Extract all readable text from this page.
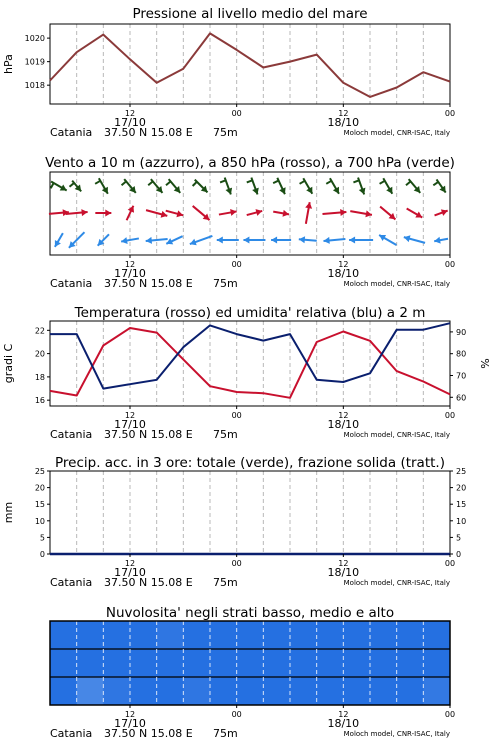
Pressione al livello medio del mare
1018
1019
1020
hPa
12	00	12	00
17/10	18/10
Catania 37.50 N 15.08 E 75m	Moloch model, CNR-ISAC, Italy
Vento a 10 m (azzurro), a 850 hPa (rosso), a 700 hPa (verde)
12	00	12	00
17/10	18/10
Catania 37.50 N 15.08 E 75m	Moloch model, CNR-ISAC, Italy
Temperatura (rosso) ed umidita' relativa (blu) a 2 m
16
18
20
22
60
70
80
90
gradi C	%
12	00	12	00
17/10	18/10
Catania 37.50 N 15.08 E 75m	Moloch model, CNR-ISAC, Italy
Precip. acc. in 3 ore: totale (verde), frazione solida (tratt.)
0
5
10
15
20
25
0
5
10
15
20
25
mm
12	00	12	00
17/10	18/10
Catania 37.50 N 15.08 E 75m	Moloch model, CNR-ISAC, Italy
Nuvolosita' negli strati basso, medio e alto
12	00	12	00
17/10	18/10
Catania 37.50 N 15.08 E 75m	Moloch model, CNR-ISAC, Italy
